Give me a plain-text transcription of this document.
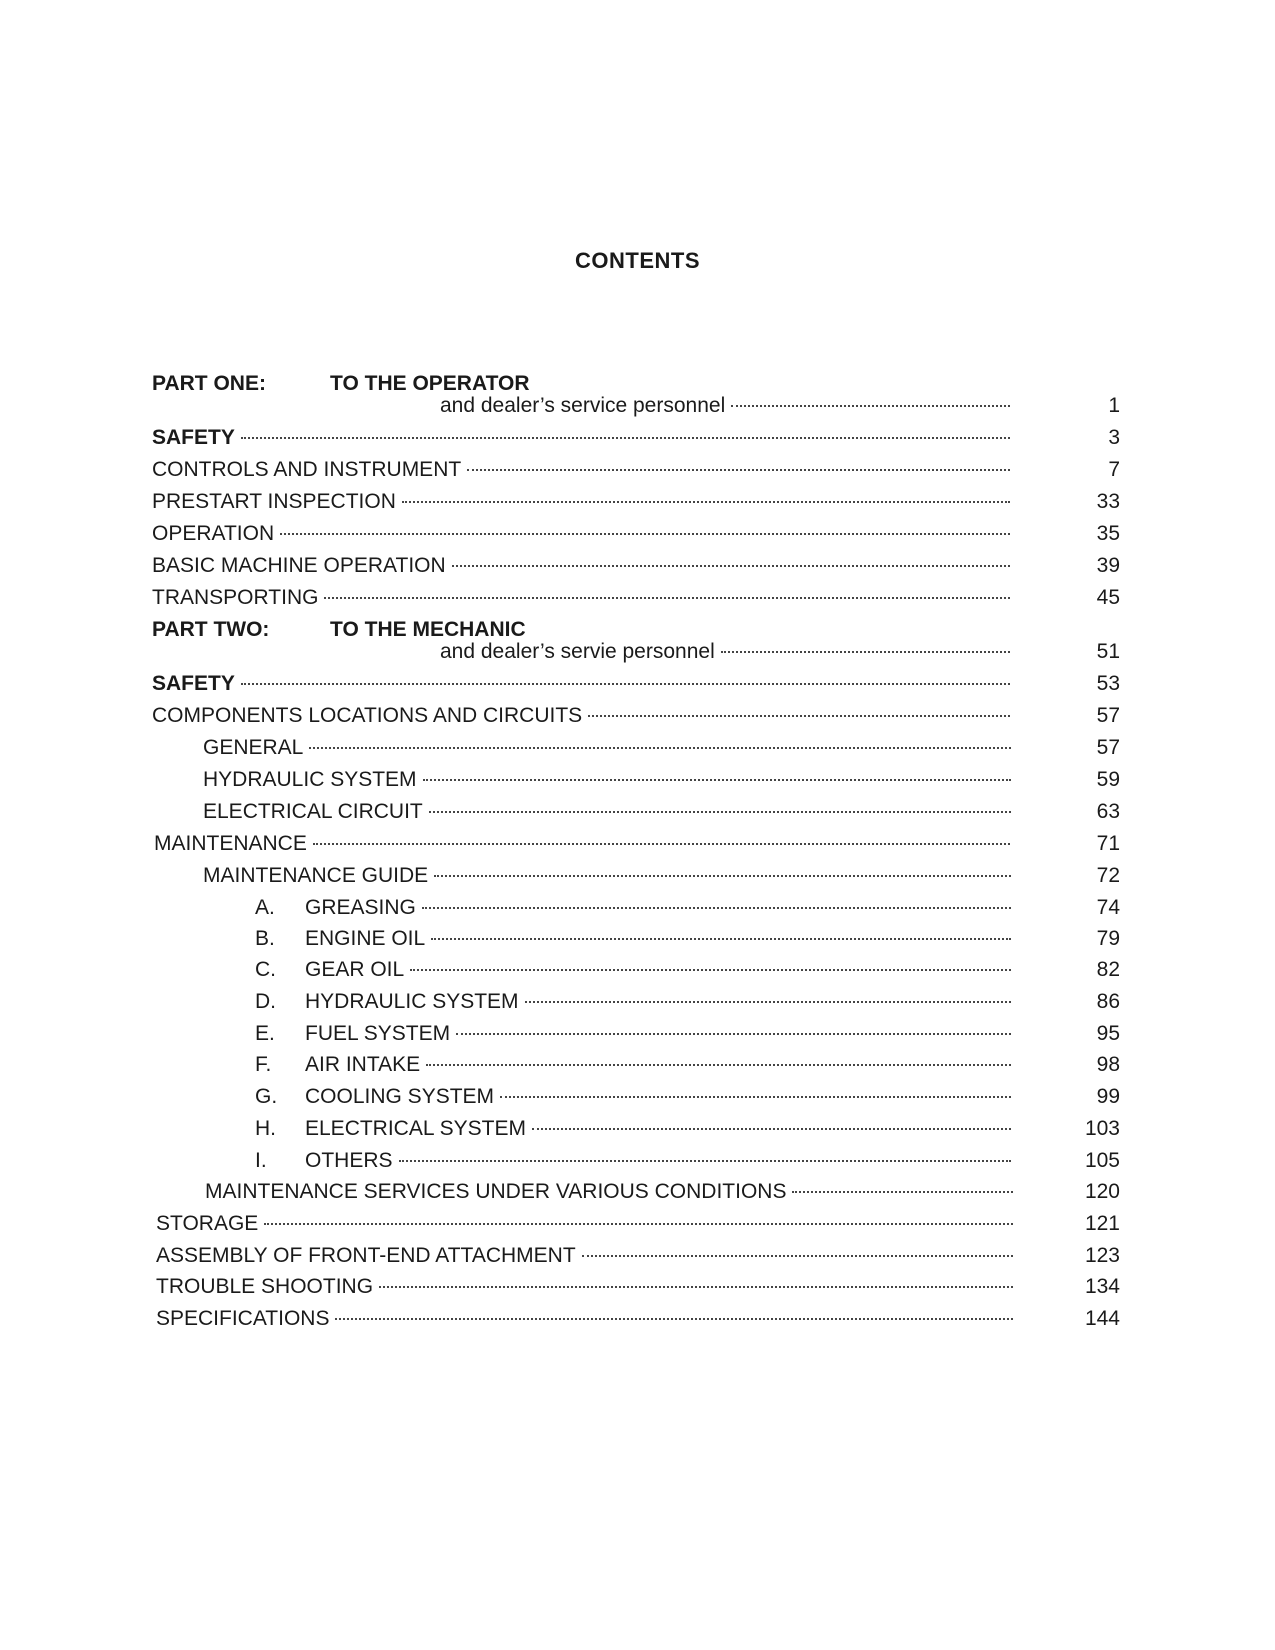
CONTENTS
PART ONE:	TO THE OPERATOR
and dealer’s service personnel	1
SAFETY	3
CONTROLS AND INSTRUMENT	7
PRESTART INSPECTION	33
OPERATION	35
BASIC MACHINE OPERATION	39
TRANSPORTING	45
PART TWO:	TO THE MECHANIC
and dealer’s servie personnel	51
SAFETY	53
COMPONENTS LOCATIONS AND CIRCUITS	57
GENERAL	57
HYDRAULIC SYSTEM	59
ELECTRICAL CIRCUIT	63
MAINTENANCE	71
MAINTENANCE GUIDE	72
A.	GREASING	74
B.	ENGINE OIL	79
C.	GEAR OIL	82
D.	HYDRAULIC SYSTEM	86
E.	FUEL SYSTEM	95
F.	AIR INTAKE	98
G.	COOLING SYSTEM	99
H.	ELECTRICAL SYSTEM	103
I.	OTHERS	105
MAINTENANCE SERVICES UNDER VARIOUS CONDITIONS	120
STORAGE	121
ASSEMBLY OF FRONT-END ATTACHMENT	123
TROUBLE SHOOTING	134
SPECIFICATIONS	144
